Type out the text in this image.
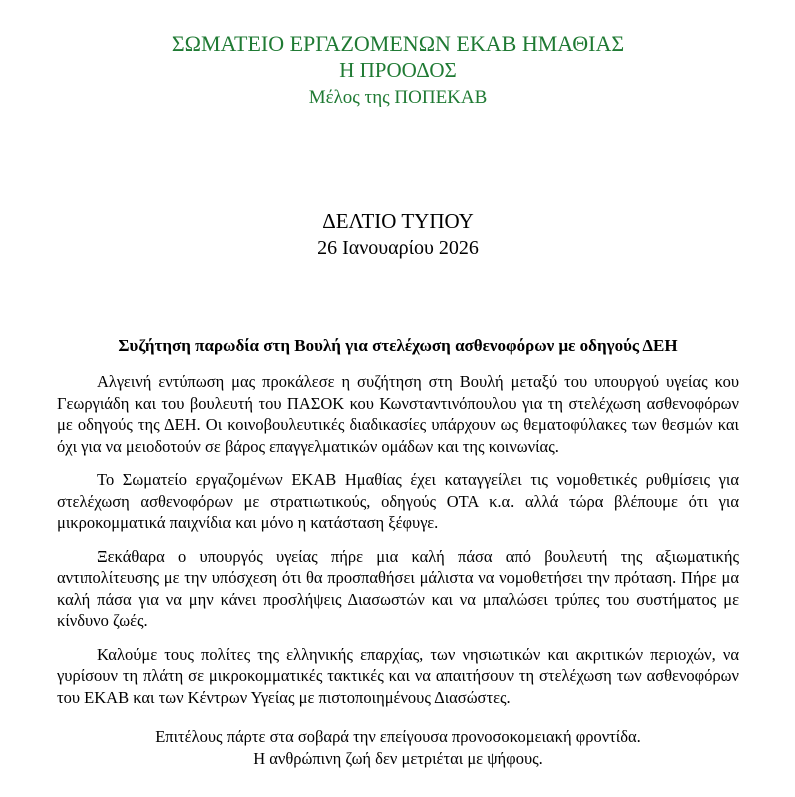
ΣΩΜΑΤΕΙΟ ΕΡΓΑΖΟΜΕΝΩΝ ΕΚΑΒ ΗΜΑΘΙΑΣ
Η ΠΡΟΟΔΟΣ
Μέλος της ΠΟΠΕΚΑΒ
ΔΕΛΤΙΟ ΤΥΠΟΥ
26 Ιανουαρίου 2026
Συζήτηση παρωδία στη Βουλή για στελέχωση ασθενοφόρων με οδηγούς ΔΕΗ

Αλγεινή εντύπωση μας προκάλεσε η συζήτηση στη Βουλή μεταξύ του υπουργού υγείας κου Γεωργιάδη και του βουλευτή του ΠΑΣΟΚ κου Κωνσταντινόπουλου για τη στελέχωση ασθενοφόρων με οδηγούς της ΔΕΗ. Οι κοινοβουλευτικές διαδικασίες υπάρχουν ως θεματοφύλακες των θεσμών και όχι για να μειοδοτούν σε βάρος επαγγελματικών ομάδων και της κοινωνίας.

Το Σωματείο εργαζομένων ΕΚΑΒ Ημαθίας έχει καταγγείλει τις νομοθετικές ρυθμίσεις για στελέχωση ασθενοφόρων με στρατιωτικούς, οδηγούς ΟΤΑ κ.α. αλλά τώρα βλέπουμε ότι για μικροκομματικά παιχνίδια και μόνο η κατάσταση ξέφυγε.

Ξεκάθαρα ο υπουργός υγείας πήρε μια καλή πάσα από βουλευτή της αξιωματικής αντιπολίτευσης με την υπόσχεση ότι θα προσπαθήσει μάλιστα να νομοθετήσει την πρόταση. Πήρε μα καλή πάσα για να μην κάνει προσλήψεις Διασωστών και να μπαλώσει τρύπες του συστήματος με κίνδυνο ζωές.

Καλούμε τους πολίτες της ελληνικής επαρχίας, των νησιωτικών και ακριτικών περιοχών, να γυρίσουν τη πλάτη σε μικροκομματικές τακτικές και να απαιτήσουν τη στελέχωση των ασθενοφόρων του ΕΚΑΒ και των Κέντρων Υγείας με πιστοποιημένους Διασώστες.

Επιτέλους πάρτε στα σοβαρά την επείγουσα προνοσοκομειακή φροντίδα.
Η ανθρώπινη ζωή δεν μετριέται με ψήφους.
